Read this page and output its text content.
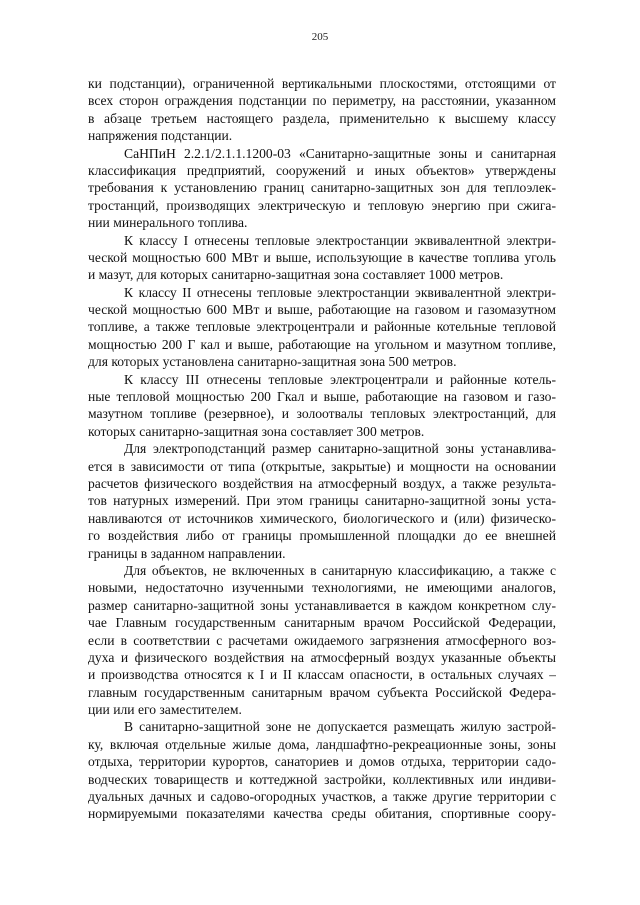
205
ки подстанции), ограниченной вертикальными плоскостями, отстоящими от
всех сторон ограждения подстанции по периметру, на расстоянии, указанном
в абзаце третьем настоящего раздела, применительно к высшему классу
напряжения подстанции.
СаНПиН 2.2.1/2.1.1.1200-03 «Санитарно-защитные зоны и санитарная
классификация предприятий, сооружений и иных объектов» утверждены
требования к установлению границ санитарно-защитных зон для теплоэлек-
тростанций, производящих электрическую и тепловую энергию при сжига-
нии минерального топлива.
К классу I отнесены тепловые электростанции эквивалентной электри-
ческой мощностью 600 МВт и выше, использующие в качестве топлива уголь
и мазут, для которых санитарно-защитная зона составляет 1000 метров.
К классу II отнесены тепловые электростанции эквивалентной электри-
ческой мощностью 600 МВт и выше, работающие на газовом и газомазутном
топливе, а также тепловые электроцентрали и районные котельные тепловой
мощностью 200 Г кал и выше, работающие на угольном и мазутном топливе,
для которых установлена санитарно-защитная зона 500 метров.
К классу III отнесены тепловые электроцентрали и районные котель-
ные тепловой мощностью 200 Гкал и выше, работающие на газовом и газо-
мазутном топливе (резервное), и золоотвалы тепловых электростанций, для
которых санитарно-защитная зона составляет 300 метров.
Для электроподстанций размер санитарно-защитной зоны устанавлива-
ется в зависимости от типа (открытые, закрытые) и мощности на основании
расчетов физического воздействия на атмосферный воздух, а также результа-
тов натурных измерений. При этом границы санитарно-защитной зоны уста-
навливаются от источников химического, биологического и (или) физическо-
го воздействия либо от границы промышленной площадки до ее внешней
границы в заданном направлении.
Для объектов, не включенных в санитарную классификацию, а также с
новыми, недостаточно изученными технологиями, не имеющими аналогов,
размер санитарно-защитной зоны устанавливается в каждом конкретном слу-
чае Главным государственным санитарным врачом Российской Федерации,
если в соответствии с расчетами ожидаемого загрязнения атмосферного воз-
духа и физического воздействия на атмосферный воздух указанные объекты
и производства относятся к I и II классам опасности, в остальных случаях –
главным государственным санитарным врачом субъекта Российской Федера-
ции или его заместителем.
В санитарно-защитной зоне не допускается размещать жилую застрой-
ку, включая отдельные жилые дома, ландшафтно-рекреационные зоны, зоны
отдыха, территории курортов, санаториев и домов отдыха, территории садо-
водческих товариществ и коттеджной застройки, коллективных или индиви-
дуальных дачных и садово-огородных участков, а также другие территории с
нормируемыми показателями качества среды обитания, спортивные соору-
